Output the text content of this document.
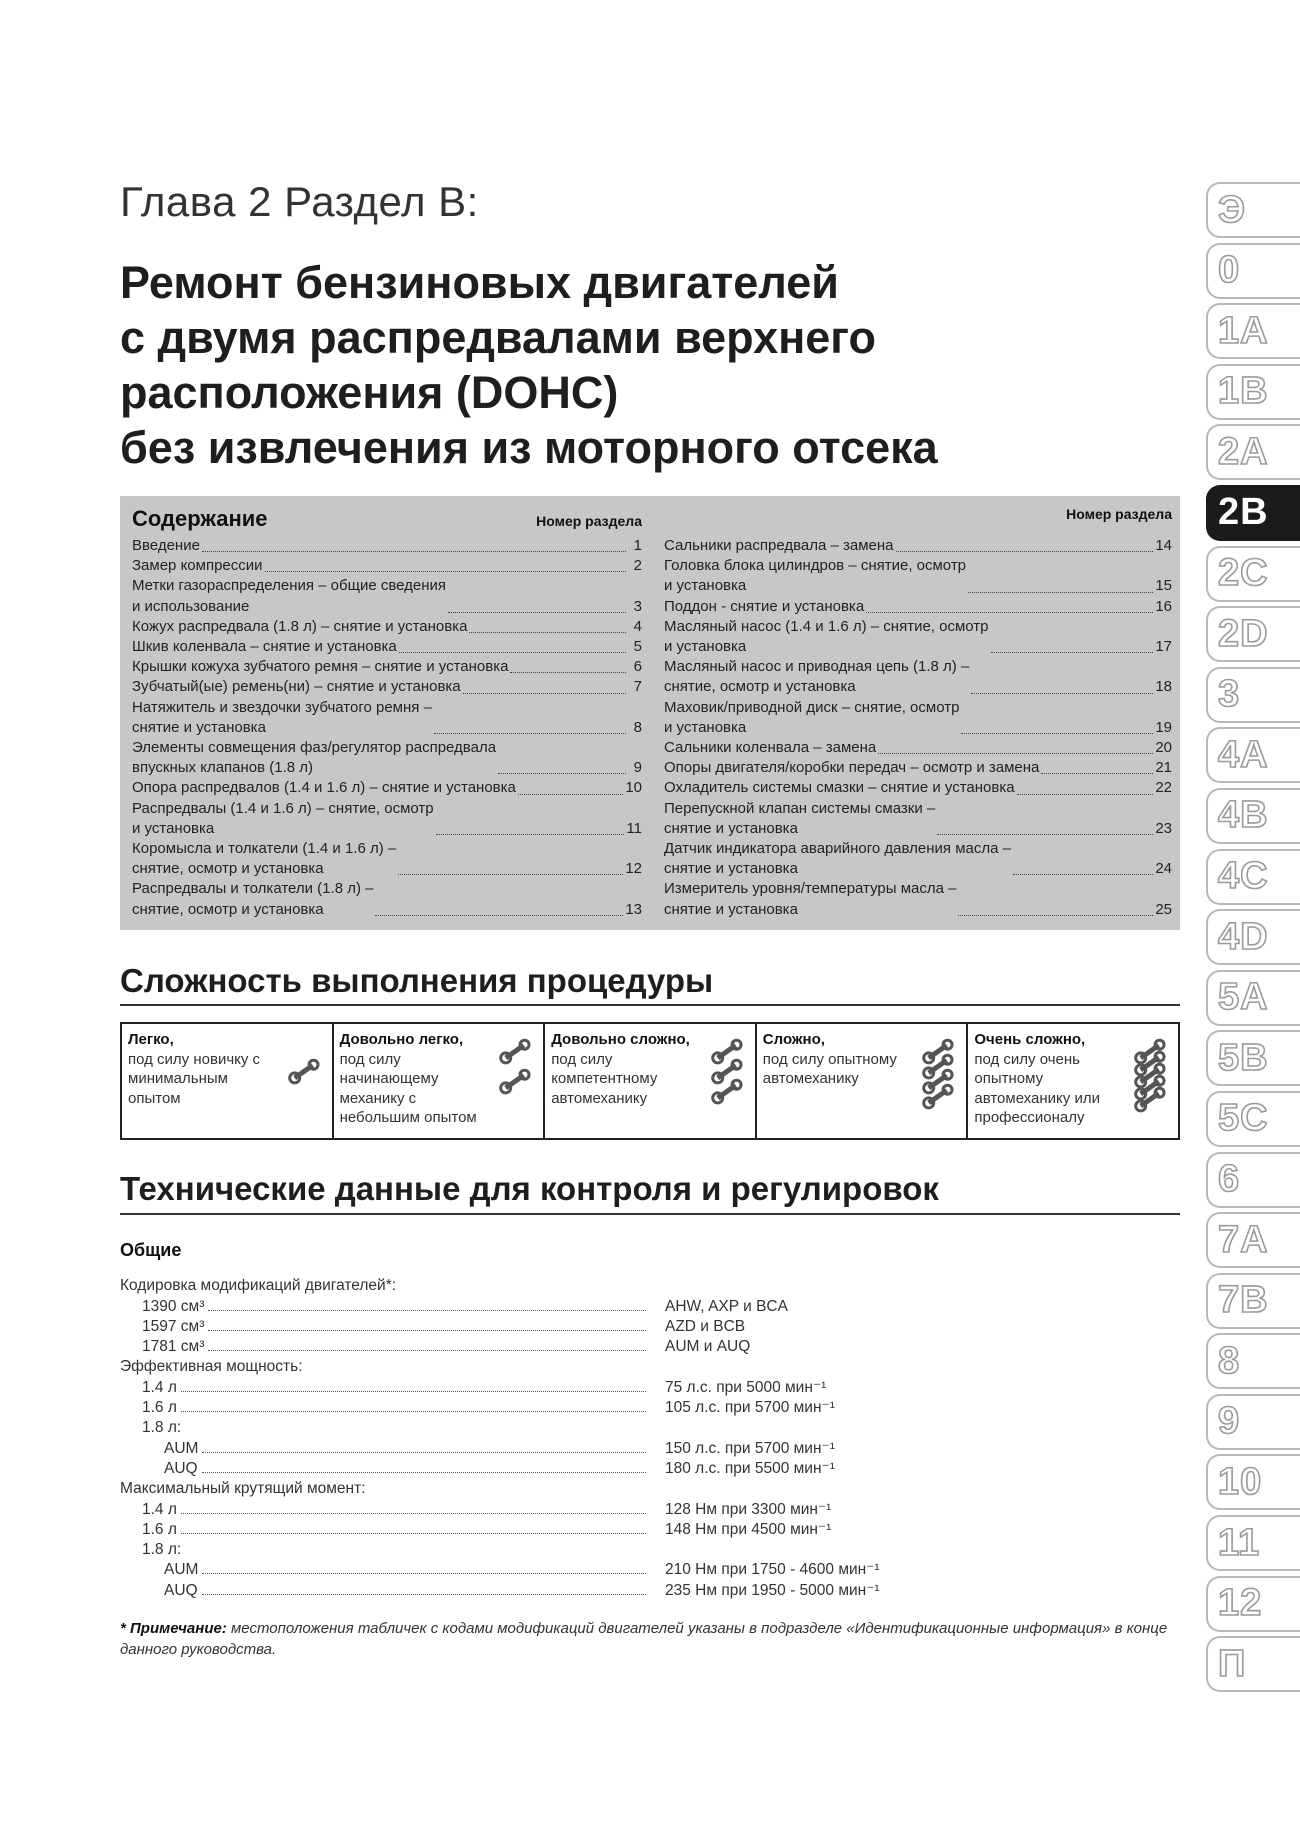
Глава 2 Раздел B:
Ремонт бензиновых двигателей
с двумя распредвалами верхнего
расположения (DOHC)
без извлечения из моторного отсека
Э
0
1A
1B
2A
2B
2C
2D
3
4A
4B
4C
4D
5A
5B
5C
6
7A
7B
8
9
10
11
12
П
Содержание	Номер раздела
Введение	1
Замер компрессии	2
Метки газораспределения – общие сведения
и использование	3
Кожух распредвала (1.8 л) – снятие и установка	4
Шкив коленвала – снятие и установка	5
Крышки кожуха зубчатого ремня – снятие и установка	6
Зубчатый(ые) ремень(ни) – снятие и установка	7
Натяжитель и звездочки зубчатого ремня –
снятие и установка	8
Элементы совмещения фаз/регулятор распредвала
впускных клапанов (1.8 л)	9
Опора распредвалов (1.4 и 1.6 л) – снятие и установка	10
Распредвалы (1.4 и 1.6 л) – снятие, осмотр
и установка	11
Коромысла и толкатели (1.4 и 1.6 л) –
снятие, осмотр и установка	12
Распредвалы и толкатели (1.8 л) –
снятие, осмотр и установка	13
Номер раздела
Сальники распредвала – замена	14
Головка блока цилиндров – снятие, осмотр
и установка	15
Поддон - снятие и установка	16
Масляный насос (1.4 и 1.6 л) – снятие, осмотр
и установка	17
Масляный насос и приводная цепь (1.8 л) –
снятие, осмотр и установка	18
Маховик/приводной диск – снятие, осмотр
и установка	19
Сальники коленвала – замена	20
Опоры двигателя/коробки передач – осмотр и замена	21
Охладитель системы смазки – снятие и установка	22
Перепускной клапан системы смазки –
снятие и установка	23
Датчик индикатора аварийного давления масла –
снятие и установка	24
Измеритель уровня/температуры масла –
снятие и установка	25
Сложность выполнения процедуры
Легко,
под силу новичку с минимальным опытом
Довольно легко,
под силу начинающему механику с небольшим опытом
Довольно сложно,
под силу компетентному автомеханику
Сложно,
под силу опытному автомеханику
Очень сложно,
под силу очень опытному автомеханику или профессионалу
Технические данные для контроля и регулировок
Общие
Кодировка модификаций двигателей*:
1390 см³	AHW, AXP и BCA
1597 см³	AZD и BCB
1781 см³	AUM и AUQ
Эффективная мощность:
1.4 л	75 л.с. при 5000 мин⁻¹
1.6 л	105 л.с. при 5700 мин⁻¹
1.8 л:
AUM	150 л.с. при 5700 мин⁻¹
AUQ	180 л.с. при 5500 мин⁻¹
Максимальный крутящий момент:
1.4 л	128 Нм при 3300 мин⁻¹
1.6 л	148 Нм при 4500 мин⁻¹
1.8 л:
AUM	210 Нм при 1750 - 4600 мин⁻¹
AUQ	235 Нм при 1950 - 5000 мин⁻¹
* Примечание: местоположения табличек с кодами модификаций двигателей указаны в подразделе «Идентификационные информация» в конце данного руководства.
